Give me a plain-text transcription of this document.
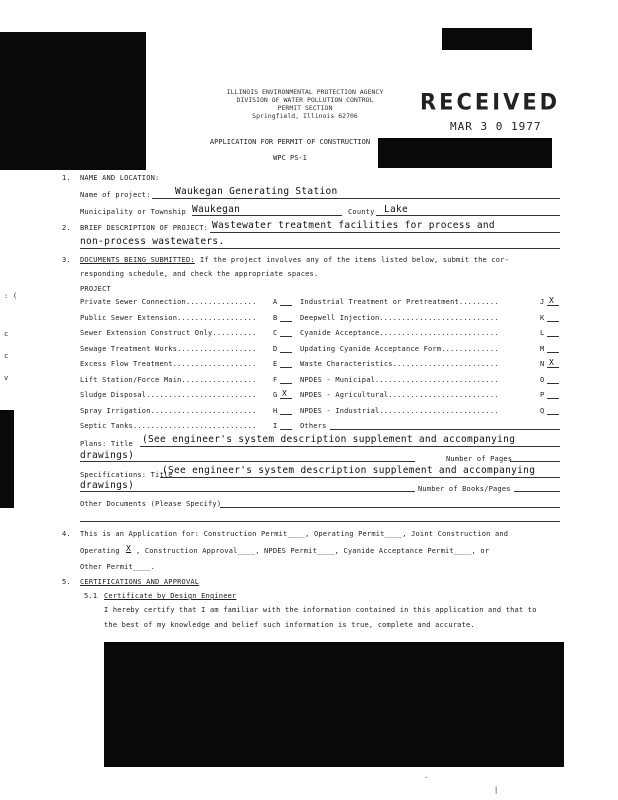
: (
c
c
v
ILLINOIS ENVIRONMENTAL PROTECTION AGENCY
DIVISION OF WATER POLLUTION CONTROL
PERMIT SECTION
Springfield, Illinois 62706
RECEIVED
MAR 3 0 1977
APPLICATION FOR PERMIT OF CONSTRUCTION
WPC PS-1
1. NAME AND LOCATION:
Name of project:	Waukegan Generating Station
Municipality or Township Waukegan	County Lake
2. BRIEF DESCRIPTION OF PROJECT: Wastewater treatment facilities for process and
non-process wastewaters.
3. DOCUMENTS BEING SUBMITTED: If the project involves any of the items listed below, submit the cor-
responding schedule, and check the appropriate spaces.
PROJECT
Private Sewer Connection................ A
Public Sewer Extension.................. B
Sewer Extension Construct Only.......... C
Sewage Treatment Works.................. D
Excess Flow Treatment................... E
Lift Station/Force Main................. F
Sludge Disposal......................... G X
Spray Irrigation........................ H
Septic Tanks............................ I
Industrial Treatment or Pretreatment.........	J X
Deepwell Injection...........................	K
Cyanide Acceptance...........................	L
Updating Cyanide Acceptance Form.............	M
Waste Characteristics........................	N X
NPDES - Municipal............................	O
NPDES - Agricultural.........................	P
NPDES - Industrial...........................	Q
Others
Plans: Title (See engineer's system description supplement and accompanying
drawings)	Number of Pages
Specifications: Title
(See engineer's system description supplement and accompanying
drawings)	Number of Books/Pages
Other Documents (Please Specify)
4. This is an Application for: Construction Permit____, Operating Permit____, Joint Construction and
Operating X , Construction Approval____, NPDES Permit____, Cyanide Acceptance Permit____, or
Other Permit____.
5. CERTIFICATIONS AND APPROVAL
5.1 Certificate by Design Engineer
I hereby certify that I am familiar with the information contained in this application and that to
the best of my knowledge and belief such information is true, complete and accurate.
.
|
